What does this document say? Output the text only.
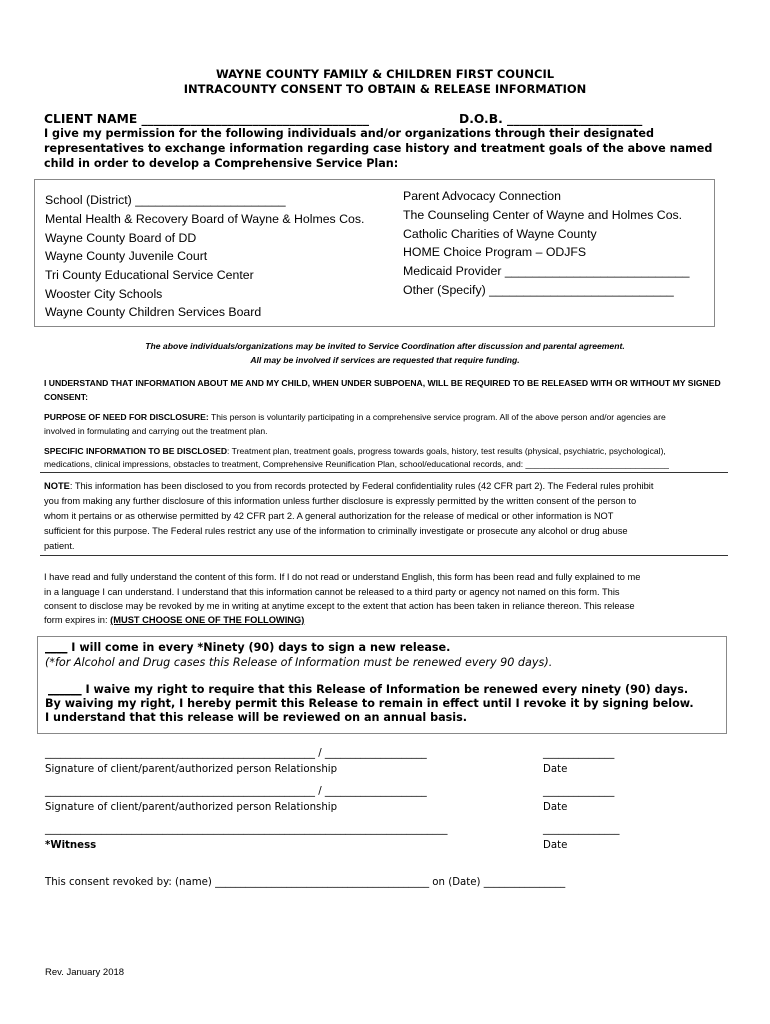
WAYNE COUNTY FAMILY & CHILDREN FIRST COUNCIL
INTRACOUNTY CONSENT TO OBTAIN & RELEASE INFORMATION
CLIENT NAME _____________________________________	D.O.B. ______________________
I give my permission for the following individuals and/or organizations through their designated
representatives to exchange information regarding case history and treatment goals of the above named
child in order to develop a Comprehensive Service Plan:
School (District) ______________________
Mental Health & Recovery Board of Wayne & Holmes Cos.
Wayne County Board of DD
Wayne County Juvenile Court
Tri County Educational Service Center
Wooster City Schools
Wayne County Children Services Board
Parent Advocacy Connection
The Counseling Center of Wayne and Holmes Cos.
Catholic Charities of Wayne County
HOME Choice Program – ODJFS
Medicaid Provider ___________________________
Other (Specify) ___________________________
The above individuals/organizations may be invited to Service Coordination after discussion and parental agreement.
All may be involved if services are requested that require funding.
I UNDERSTAND THAT INFORMATION ABOUT ME AND MY CHILD, WHEN UNDER SUBPOENA, WILL BE REQUIRED TO BE RELEASED WITH OR WITHOUT MY SIGNED
CONSENT:
PURPOSE OF NEED FOR DISCLOSURE: This person is voluntarily participating in a comprehensive service program. All of the above person and/or agencies are
involved in formulating and carrying out the treatment plan.
SPECIFIC INFORMATION TO BE DISCLOSED: Treatment plan, treatment goals, progress towards goals, history, test results (physical, psychiatric, psychological),
medications, clinical impressions, obstacles to treatment, Comprehensive Reunification Plan, school/educational records, and: ______________________________
NOTE: This information has been disclosed to you from records protected by Federal confidentiality rules (42 CFR part 2). The Federal rules prohibit
you from making any further disclosure of this information unless further disclosure is expressly permitted by the written consent of the person to
whom it pertains or as otherwise permitted by 42 CFR part 2. A general authorization for the release of medical or other information is NOT
sufficient for this purpose. The Federal rules restrict any use of the information to criminally investigate or prosecute any alcohol or drug abuse
patient.
I have read and fully understand the content of this form. If I do not read or understand English, this form has been read and fully explained to me
in a language I can understand. I understand that this information cannot be released to a third party or agency not named on this form. This
consent to disclose may be revoked by me in writing at anytime except to the extent that action has been taken in reliance thereon. This release
form expires in: (MUST CHOOSE ONE OF THE FOLLOWING)
____ I will come in every *Ninety (90) days to sign a new release.
(*for Alcohol and Drug cases this Release of Information must be renewed every 90 days).
______ I waive my right to require that this Release of Information be renewed every ninety (90) days.
By waiving my right, I hereby permit this Release to remain in effect until I revoke it by signing below.
I understand that this release will be reviewed on an annual basis.
_____________________________________________________ / ____________________	______________
Signature of client/parent/authorized person Relationship	Date
_____________________________________________________ / ____________________	______________
Signature of client/parent/authorized person Relationship	Date
_______________________________________________________________________________	_______________
*Witness	Date
This consent revoked by: (name) __________________________________________ on (Date) ________________
Rev. January 2018
